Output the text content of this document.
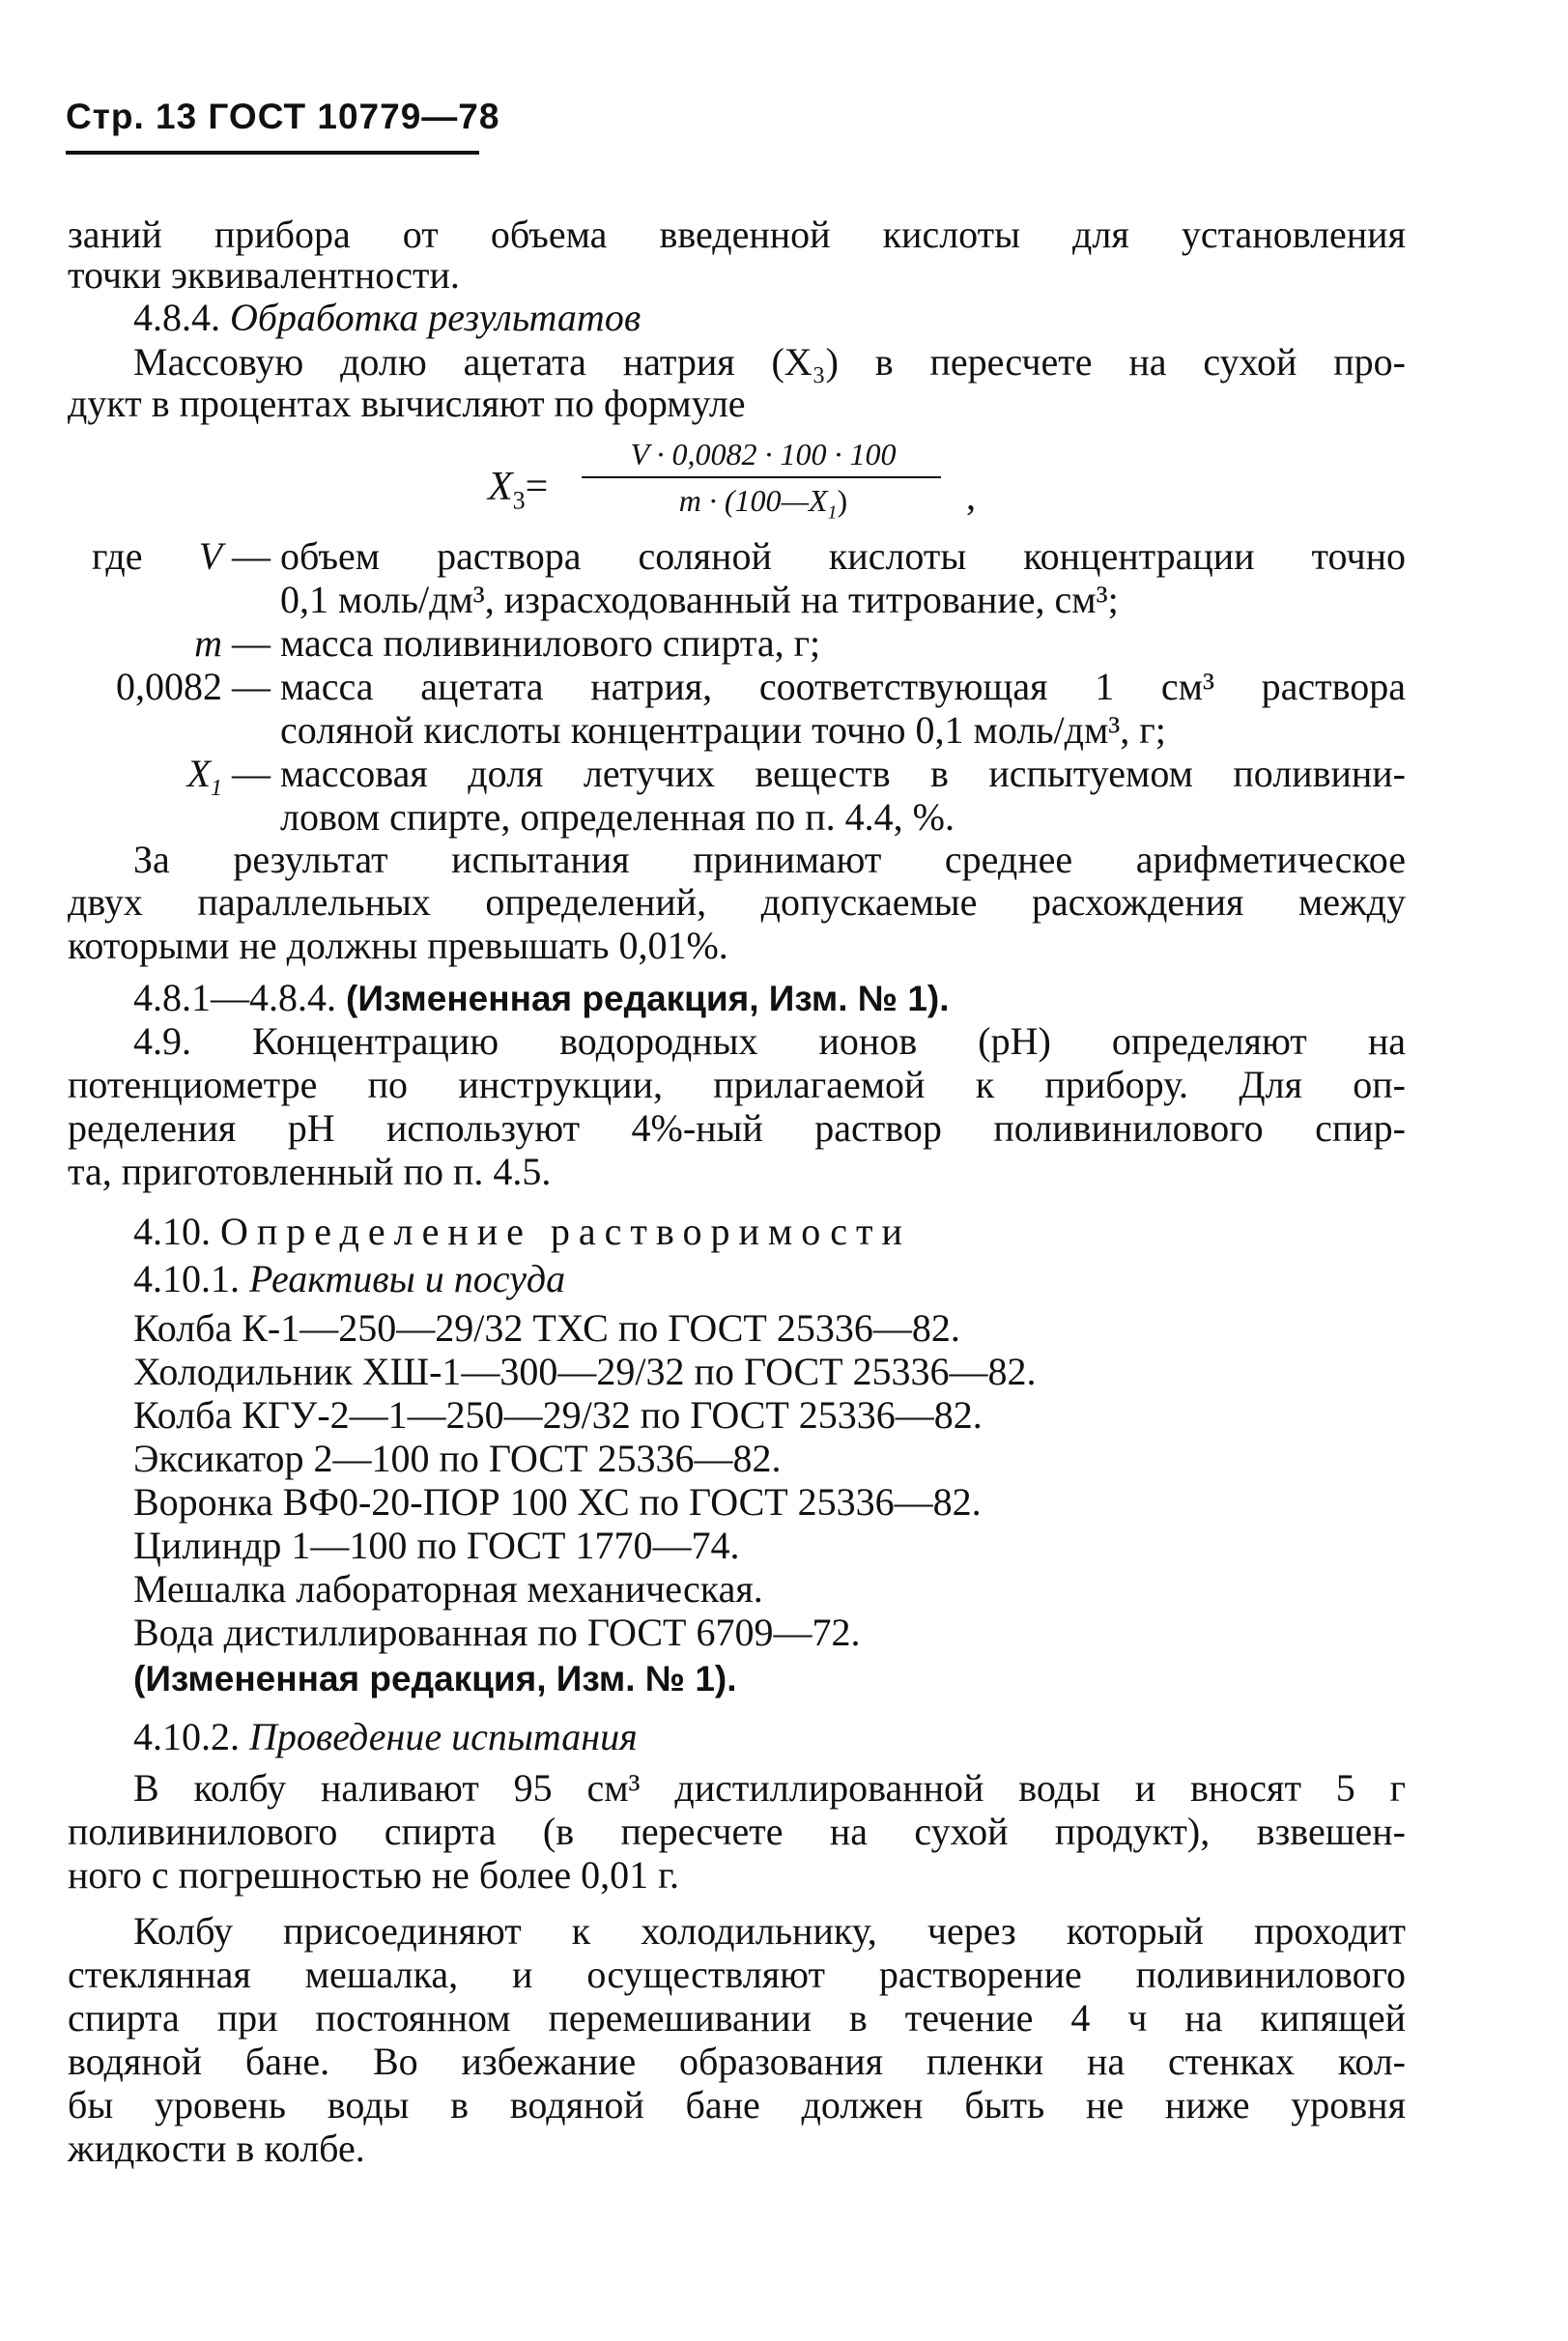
Стр. 13 ГОСТ 10779—78
заний прибора от объема введенной кислоты для установления
точки эквивалентности.
4.8.4. Обработка результатов
Массовую долю ацетата натрия (X₃) в пересчете на сухой про-
дукт в процентах вычисляют по формуле
$X_3=$
V · 0,0082 · 100 · 100
$m \cdot (100—X_1)$	,
где	V — объем раствора соляной кислоты концентрации точно
0,1 моль/дм³, израсходованный на титрование, см³;
m — масса поливинилового спирта, г;
0,0082 — масса ацетата натрия, соответствующая 1 см³ раствора
соляной кислоты концентрации точно 0,1 моль/дм³, г;
$X_1$ — массовая доля летучих веществ в испытуемом поливини-
ловом спирте, определенная по п. 4.4, %.
За результат испытания принимают среднее арифметическое
двух параллельных определений, допускаемые расхождения между
которыми не должны превышать 0,01%.
4.8.1—4.8.4. (Измененная редакция, Изм. № 1).
4.9. Концентрацию водородных ионов (pH) определяют на
потенциометре по инструкции, прилагаемой к прибору. Для оп-
ределения pH используют 4%-ный раствор поливинилового спир-
та, приготовленный по п. 4.5.
4.10. Определение растворимости
4.10.1. Реактивы и посуда
Колба К-1—250—29/32 ТХС по ГОСТ 25336—82.
Холодильник ХШ-1—300—29/32 по ГОСТ 25336—82.
Колба КГУ-2—1—250—29/32 по ГОСТ 25336—82.
Эксикатор 2—100 по ГОСТ 25336—82.
Воронка ВФ0-20-ПОР 100 ХС по ГОСТ 25336—82.
Цилиндр 1—100 по ГОСТ 1770—74.
Мешалка лабораторная механическая.
Вода дистиллированная по ГОСТ 6709—72.
(Измененная редакция, Изм. № 1).
4.10.2. Проведение испытания
В колбу наливают 95 см³ дистиллированной воды и вносят 5 г
поливинилового спирта (в пересчете на сухой продукт), взвешен-
ного с погрешностью не более 0,01 г.
Колбу присоединяют к холодильнику, через который проходит
стеклянная мешалка, и осуществляют растворение поливинилового
спирта при постоянном перемешивании в течение 4 ч на кипящей
водяной бане. Во избежание образования пленки на стенках кол-
бы уровень воды в водяной бане должен быть не ниже уровня
жидкости в колбе.
